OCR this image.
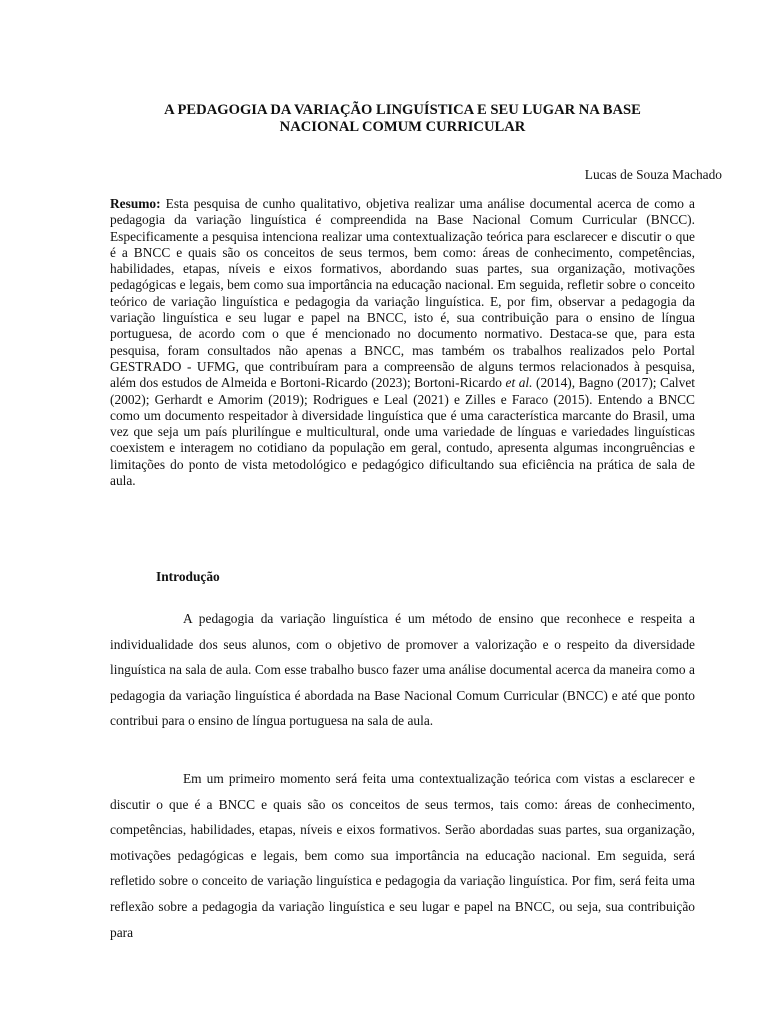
A PEDAGOGIA DA VARIAÇÃO LINGUÍSTICA E SEU LUGAR NA BASE
NACIONAL COMUM CURRICULAR
Lucas de Souza Machado

Resumo: Esta pesquisa de cunho qualitativo, objetiva realizar uma análise documental acerca de como a pedagogia da variação linguística é compreendida na Base Nacional Comum Curricular (BNCC). Especificamente a pesquisa intenciona realizar uma contextualização teórica para esclarecer e discutir o que é a BNCC e quais são os conceitos de seus termos, bem como: áreas de conhecimento, competências, habilidades, etapas, níveis e eixos formativos, abordando suas partes, sua organização, motivações pedagógicas e legais, bem como sua importância na educação nacional. Em seguida, refletir sobre o conceito teórico de variação linguística e pedagogia da variação linguística. E, por fim, observar a pedagogia da variação linguística e seu lugar e papel na BNCC, isto é, sua contribuição para o ensino de língua portuguesa, de acordo com o que é mencionado no documento normativo. Destaca-se que, para esta pesquisa, foram consultados não apenas a BNCC, mas também os trabalhos realizados pelo Portal GESTRADO - UFMG, que contribuíram para a compreensão de alguns termos relacionados à pesquisa, além dos estudos de Almeida e Bortoni-Ricardo (2023); Bortoni-Ricardo et al. (2014), Bagno (2017); Calvet (2002); Gerhardt e Amorim (2019); Rodrigues e Leal (2021) e Zilles e Faraco (2015). Entendo a BNCC como um documento respeitador à diversidade linguística que é uma característica marcante do Brasil, uma vez que seja um país plurilíngue e multicultural, onde uma variedade de línguas e variedades linguísticas coexistem e interagem no cotidiano da população em geral, contudo, apresenta algumas incongruências e limitações do ponto de vista metodológico e pedagógico dificultando sua eficiência na prática de sala de aula.

Introdução

A pedagogia da variação linguística é um método de ensino que reconhece e respeita a individualidade dos seus alunos, com o objetivo de promover a valorização e o respeito da diversidade linguística na sala de aula. Com esse trabalho busco fazer uma análise documental acerca da maneira como a pedagogia da variação linguística é abordada na Base Nacional Comum Curricular (BNCC) e até que ponto contribui para o ensino de língua portuguesa na sala de aula.

Em um primeiro momento será feita uma contextualização teórica com vistas a esclarecer e discutir o que é a BNCC e quais são os conceitos de seus termos, tais como: áreas de conhecimento, competências, habilidades, etapas, níveis e eixos formativos. Serão abordadas suas partes, sua organização, motivações pedagógicas e legais, bem como sua importância na educação nacional. Em seguida, será refletido sobre o conceito de variação linguística e pedagogia da variação linguística. Por fim, será feita uma reflexão sobre a pedagogia da variação linguística e seu lugar e papel na BNCC, ou seja, sua contribuição para
